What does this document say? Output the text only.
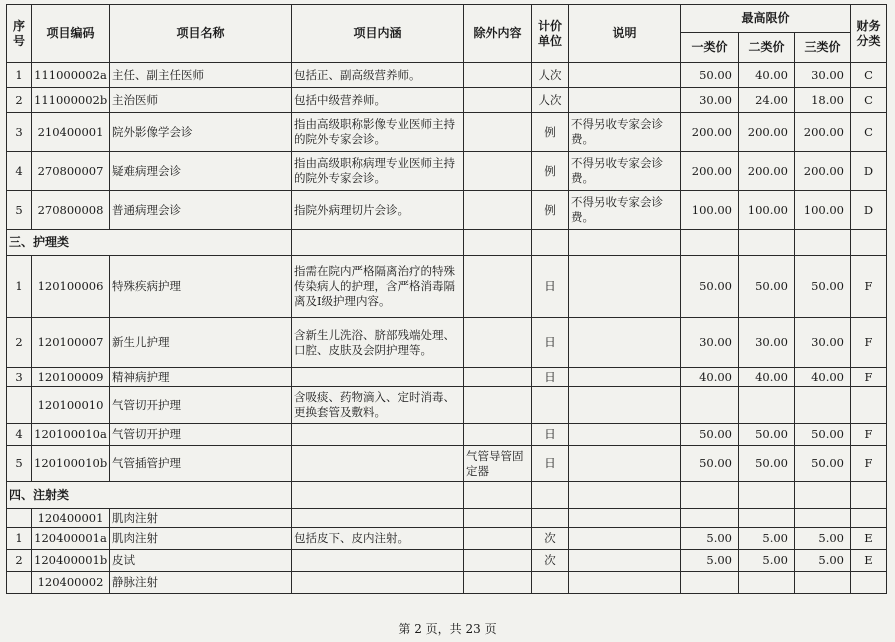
序号	项目编码	项目名称	项目内涵	除外内容	计价单位	说明	最高限价			财务分类
							一类价	二类价	三类价	
1	111000002a	主任、副主任医师	包括正、副高级营养师。		人次		50.00	40.00	30.00	C
2	111000002b	主治医师	包括中级营养师。		人次		30.00	24.00	18.00	C
3	210400001	院外影像学会诊	指由高级职称影像专业医师主持的院外专家会诊。		例	不得另收专家会诊费。	200.00	200.00	200.00	C
4	270800007	疑难病理会诊	指由高级职称病理专业医师主持的院外专家会诊。		例	不得另收专家会诊费。	200.00	200.00	200.00	D
5	270800008	普通病理会诊	指院外病理切片会诊。		例	不得另收专家会诊费。	100.00	100.00	100.00	D
三、护理类										
1	120100006	特殊疾病护理	指需在院内严格隔离治疗的特殊传染病人的护理，含严格消毒隔离及Ⅰ级护理内容。		日		50.00	50.00	50.00	F
2	120100007	新生儿护理	含新生儿洗浴、脐部残端处理、口腔、皮肤及会阴护理等。		日		30.00	30.00	30.00	F
3	120100009	精神病护理			日		40.00	40.00	40.00	F
	120100010	气管切开护理	含吸痰、药物滴入、定时消毒、更换套管及敷料。							
4	120100010a	气管切开护理			日		50.00	50.00	50.00	F
5	120100010b	气管插管护理		气管导管固定器	日		50.00	50.00	50.00	F
四、注射类										
	120400001	肌肉注射								
1	120400001a	肌肉注射	包括皮下、皮内注射。		次		5.00	5.00	5.00	E
2	120400001b	皮试			次		5.00	5.00	5.00	E
	120400002	静脉注射								
第 2 页，共 23 页
